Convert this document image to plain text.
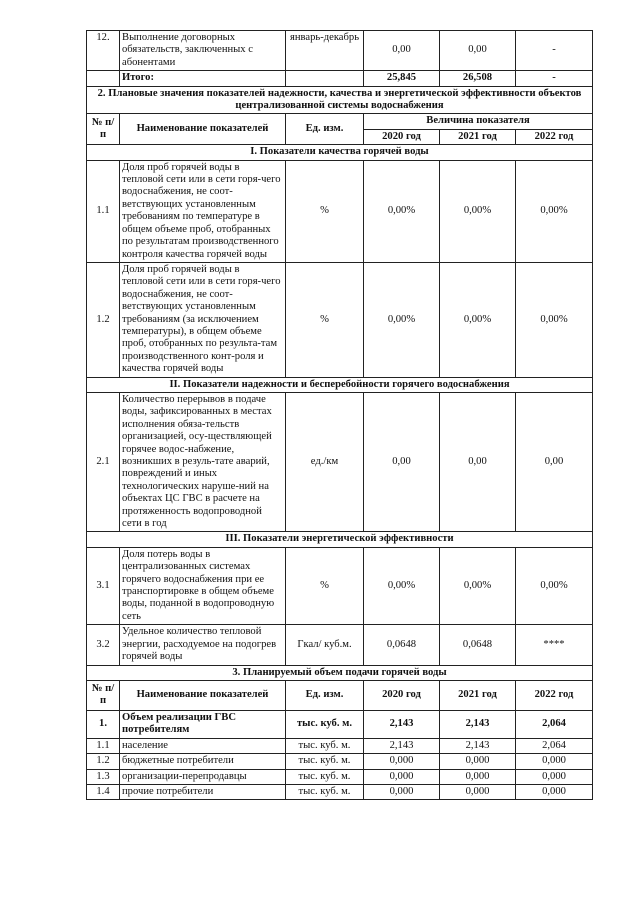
12.	Выполнение договорных обязательств, заключенных с абонентами	январь-декабрь	0,00	0,00	-
	Итого:		25,845	26,508	-
2. Плановые значения показателей надежности, качества и энергетической эффективности объектов централизованной системы водоснабжения					
№ п/п	Наименование показателей	Ед. изм.	Величина показателя		
			2020 год	2021 год	2022 год
I. Показатели качества горячей воды					
1.1	Доля проб горячей воды в тепловой сети или в сети горя-чего водоснабжения, не соот-ветствующих установленным требованиям по температуре в общем объеме проб, отобранных по результатам производственного контроля качества горячей воды	%	0,00%	0,00%	0,00%
1.2	Доля проб горячей воды в тепловой сети или в сети горя-чего водоснабжения, не соот-ветствующих установленным требованиям (за исключением температуры), в общем объеме проб, отобранных по результа-там производственного конт-роля и качества горячей воды	%	0,00%	0,00%	0,00%
II. Показатели надежности и бесперебойности горячего водоснабжения					
2.1	Количество перерывов в подаче воды, зафиксированных в местах исполнения обяза-тельств организацией, осу-ществляющей горячее водос-набжение, возникших в резуль-тате аварий, повреждений и иных технологических наруше-ний на объектах ЦС ГВС в расчете на протяженность водопроводной сети в год	ед./км	0,00	0,00	0,00
III. Показатели энергетической эффективности					
3.1	Доля потерь воды в централизованных системах горячего водоснабжения при ее транспортировке в общем объеме воды, поданной в водопроводную сеть	%	0,00%	0,00%	0,00%
3.2	Удельное количество тепловой энергии, расходуемое на подогрев горячей воды	Гкал/ куб.м.	0,0648	0,0648	****
3. Планируемый объем подачи горячей воды					
№ п/п	Наименование показателей	Ед. изм.	2020 год	2021 год	2022 год
1.	Объем реализации ГВС потребителям	тыс. куб. м.	2,143	2,143	2,064
1.1	население	тыс. куб. м.	2,143	2,143	2,064
1.2	бюджетные потребители	тыс. куб. м.	0,000	0,000	0,000
1.3	организации-перепродавцы	тыс. куб. м.	0,000	0,000	0,000
1.4	прочие потребители	тыс. куб. м.	0,000	0,000	0,000
